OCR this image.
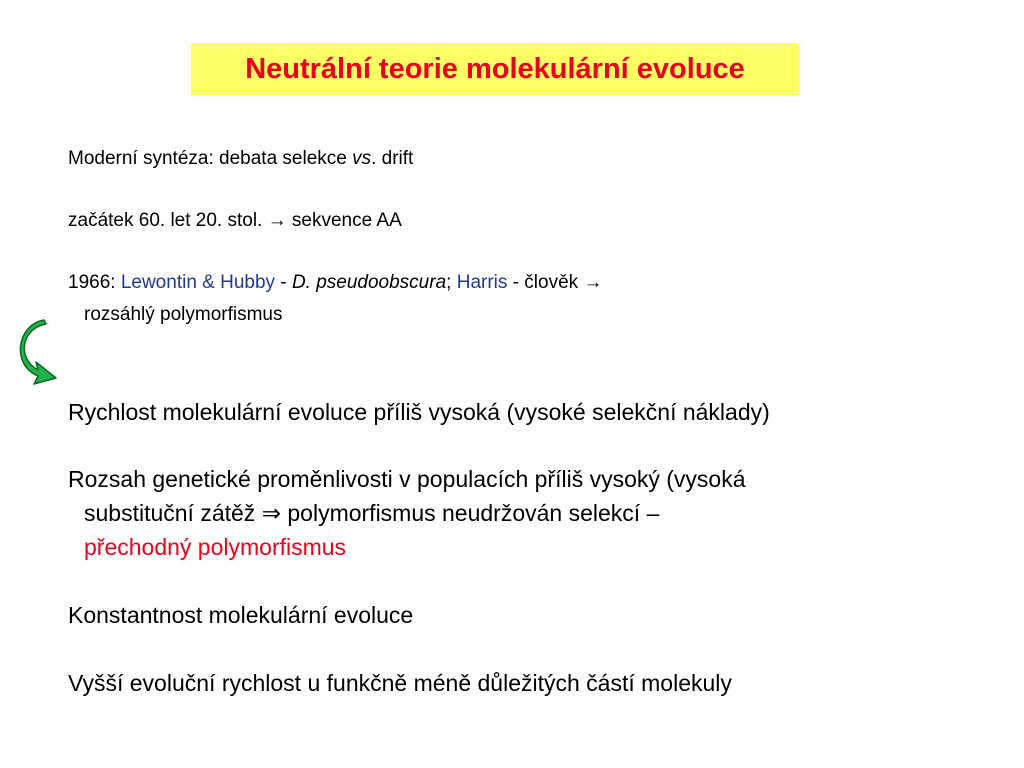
Neutrální teorie molekulární evoluce
Moderní syntéza: debata selekce vs. drift
začátek 60. let 20. stol. → sekvence AA
1966: Lewontin & Hubby - D. pseudoobscura; Harris - člověk →
rozsáhlý polymorfismus
Rychlost molekulární evoluce příliš vysoká (vysoké selekční náklady)
Rozsah genetické proměnlivosti v populacích příliš vysoký (vysoká
substituční zátěž ⇒ polymorfismus neudržován selekcí –
přechodný polymorfismus
Konstantnost molekulární evoluce
Vyšší evoluční rychlost u funkčně méně důležitých částí molekuly
